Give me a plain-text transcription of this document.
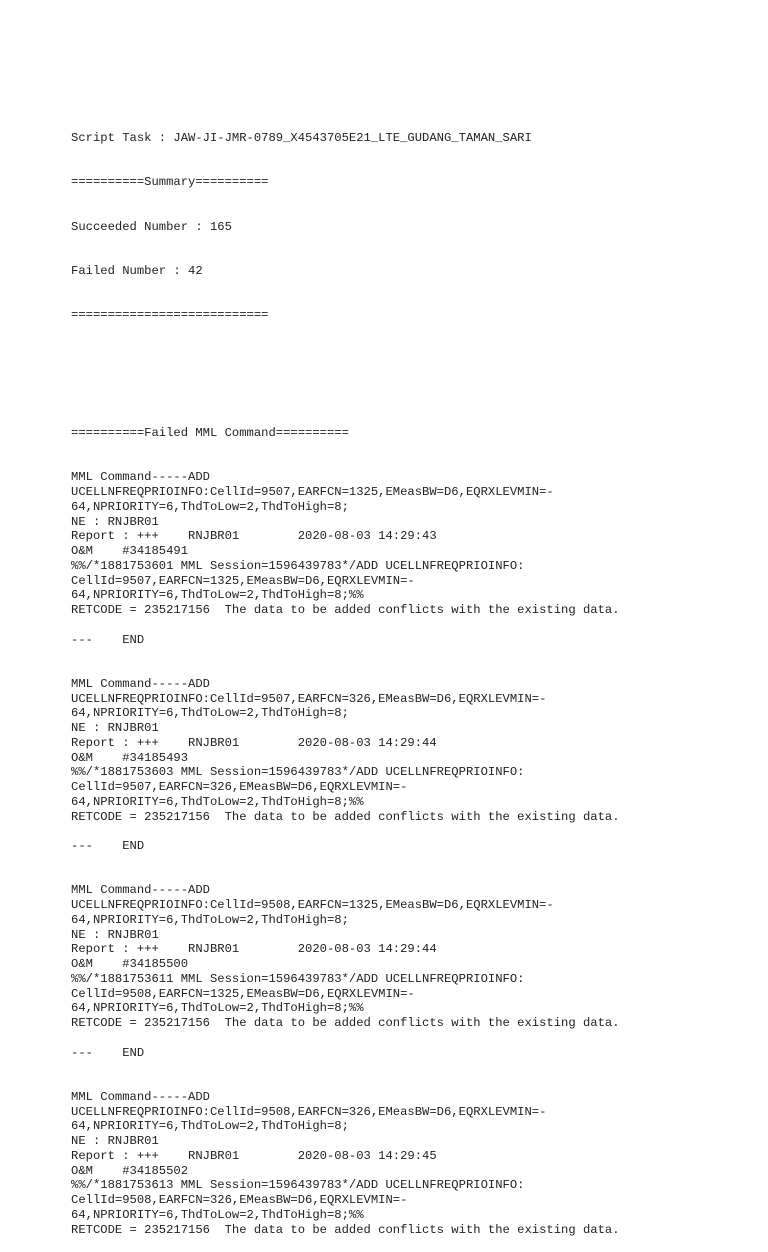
Script Task : JAW-JI-JMR-0789_X4543705E21_LTE_GUDANG_TAMAN_SARI

==========Summary==========

Succeeded Number : 165

Failed Number : 42

===========================

==========Failed MML Command==========

MML Command-----ADD
UCELLNFREQPRIOINFO:CellId=9507,EARFCN=1325,EMeasBW=D6,EQRXLEVMIN=-
64,NPRIORITY=6,ThdToLow=2,ThdToHigh=8;
NE : RNJBR01
Report : +++    RNJBR01        2020-08-03 14:29:43
O&M    #34185491
%%/*1881753601 MML Session=1596439783*/ADD UCELLNFREQPRIOINFO:
CellId=9507,EARFCN=1325,EMeasBW=D6,EQRXLEVMIN=-
64,NPRIORITY=6,ThdToLow=2,ThdToHigh=8;%%
RETCODE = 235217156  The data to be added conflicts with the existing data.
---    END
MML Command-----ADD
UCELLNFREQPRIOINFO:CellId=9507,EARFCN=326,EMeasBW=D6,EQRXLEVMIN=-
64,NPRIORITY=6,ThdToLow=2,ThdToHigh=8;
NE : RNJBR01
Report : +++    RNJBR01        2020-08-03 14:29:44
O&M    #34185493
%%/*1881753603 MML Session=1596439783*/ADD UCELLNFREQPRIOINFO:
CellId=9507,EARFCN=326,EMeasBW=D6,EQRXLEVMIN=-
64,NPRIORITY=6,ThdToLow=2,ThdToHigh=8;%%
RETCODE = 235217156  The data to be added conflicts with the existing data.
---    END
MML Command-----ADD
UCELLNFREQPRIOINFO:CellId=9508,EARFCN=1325,EMeasBW=D6,EQRXLEVMIN=-
64,NPRIORITY=6,ThdToLow=2,ThdToHigh=8;
NE : RNJBR01
Report : +++    RNJBR01        2020-08-03 14:29:44
O&M    #34185500
%%/*1881753611 MML Session=1596439783*/ADD UCELLNFREQPRIOINFO:
CellId=9508,EARFCN=1325,EMeasBW=D6,EQRXLEVMIN=-
64,NPRIORITY=6,ThdToLow=2,ThdToHigh=8;%%
RETCODE = 235217156  The data to be added conflicts with the existing data.
---    END
MML Command-----ADD
UCELLNFREQPRIOINFO:CellId=9508,EARFCN=326,EMeasBW=D6,EQRXLEVMIN=-
64,NPRIORITY=6,ThdToLow=2,ThdToHigh=8;
NE : RNJBR01
Report : +++    RNJBR01        2020-08-03 14:29:45
O&M    #34185502
%%/*1881753613 MML Session=1596439783*/ADD UCELLNFREQPRIOINFO:
CellId=9508,EARFCN=326,EMeasBW=D6,EQRXLEVMIN=-
64,NPRIORITY=6,ThdToLow=2,ThdToHigh=8;%%
RETCODE = 235217156  The data to be added conflicts with the existing data.
